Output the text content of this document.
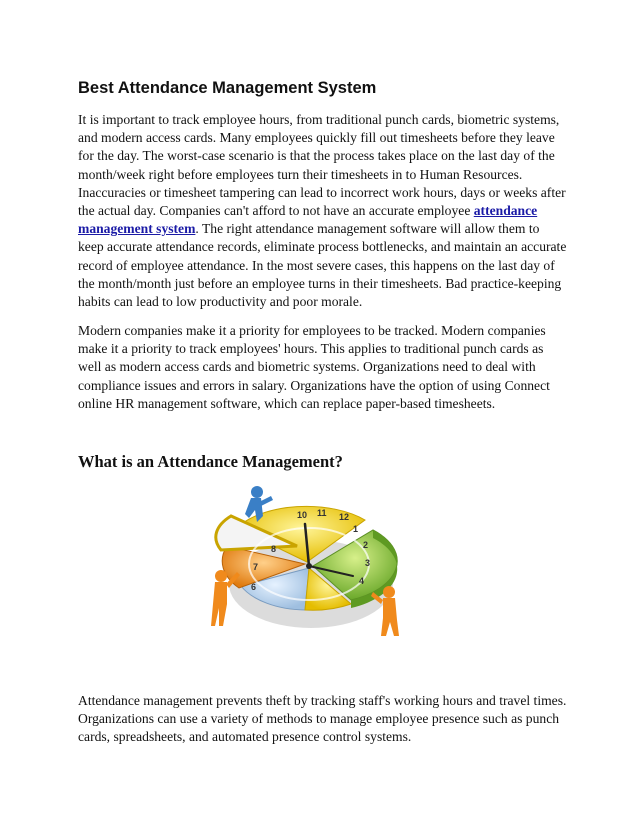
Best Attendance Management System

It is important to track employee hours, from traditional punch cards, biometric systems, and modern access cards. Many employees quickly fill out timesheets before they leave for the day. The worst-case scenario is that the process takes place on the last day of the month/week right before employees turn their timesheets in to Human Resources. Inaccuracies or timesheet tampering can lead to incorrect work hours, days or weeks after the actual day. Companies can't afford to not have an accurate employee attendance management system. The right attendance management software will allow them to keep accurate attendance records, eliminate process bottlenecks, and maintain an accurate record of employee attendance. In the most severe cases, this happens on the last day of the month/month just before an employee turns in their timesheets. Bad practice-keeping habits can lead to low productivity and poor morale.

Modern companies make it a priority for employees to be tracked. Modern companies make it a priority to track employees' hours. This applies to traditional punch cards as well as modern access cards and biometric systems. Organizations need to deal with compliance issues and errors in salary. Organizations have the option of using Connect online HR management software, which can replace paper-based timesheets.

What is an Attendance Management?
10 11 12
1
2
3
4
8
7
6

Attendance management prevents theft by tracking staff's working hours and travel times. Organizations can use a variety of methods to manage employee presence such as punch cards, spreadsheets, and automated presence control systems.
